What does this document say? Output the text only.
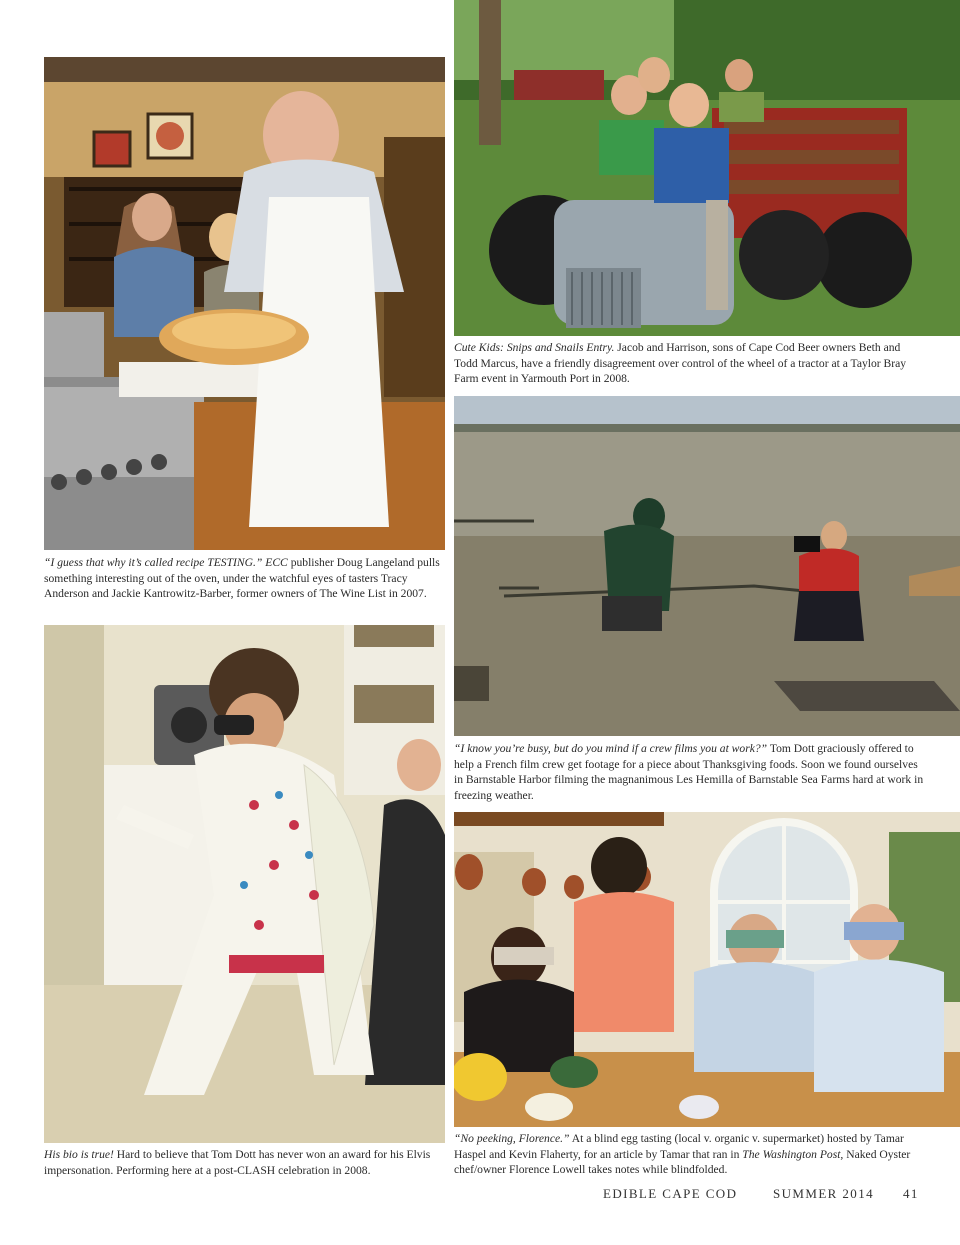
Cute Kids: Snips and Snails Entry. Jacob and Harrison, sons of Cape Cod Beer owners Beth and Todd Marcus, have a friendly disagreement over control of the wheel of a tractor at a Taylor Bray Farm event in Yarmouth Port in 2008.
“I know you’re busy, but do you mind if a crew films you at work?” Tom Dott graciously offered to help a French film crew get footage for a piece about Thanksgiving foods. Soon we found ourselves in Barnstable Harbor filming the magnanimous Les Hemilla of Barnstable Sea Farms hard at work in freezing weather.
“I guess that why it’s called recipe TESTING.” ECC publisher Doug Langeland pulls something interesting out of the oven, under the watchful eyes of tasters Tracy Anderson and Jackie Kantrowitz-Barber, former owners of The Wine List in 2007.
His bio is true! Hard to believe that Tom Dott has never won an award for his Elvis impersonation. Performing here at a post-CLASH celebration in 2008.
“No peeking, Florence.” At a blind egg tasting (local v. organic v. supermarket) hosted by Tamar Haspel and Kevin Flaherty, for an article by Tamar that ran in The Washington Post, Naked Oyster chef/owner Florence Lowell takes notes while blindfolded.
EDIBLE CAPE COD	SUMMER 2014 41
